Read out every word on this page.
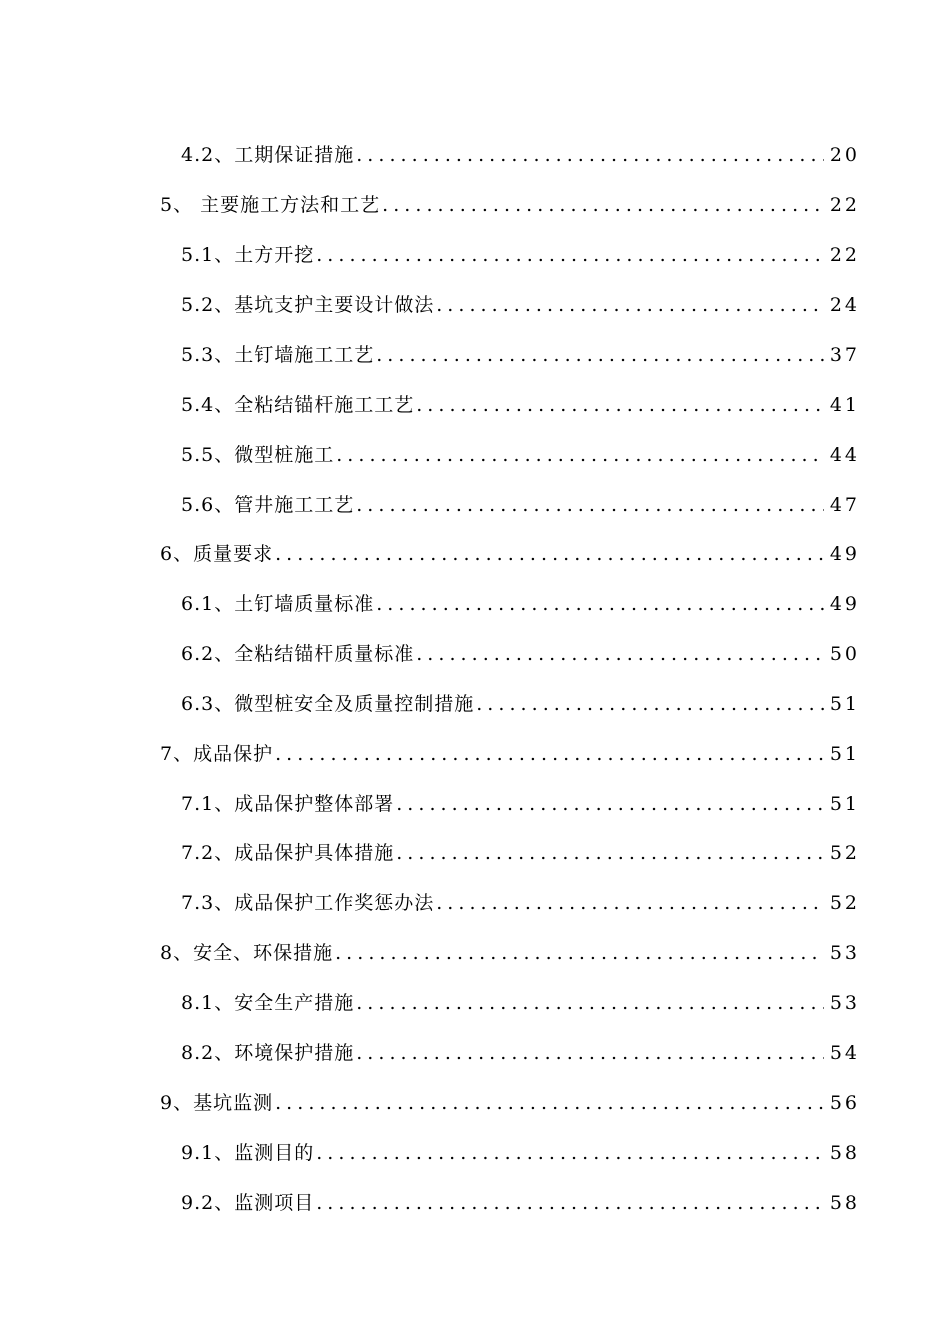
4.2、工期保证措施 . . .	20
5、 主要施工方法和工艺 . . .	22
5.1、土方开挖 . . .	22
5.2、基坑支护主要设计做法 . . .	24
5.3、土钉墙施工工艺 . . .	37
5.4、全粘结锚杆施工工艺 . . .	41
5.5、微型桩施工 . . .	44
5.6、管井施工工艺 . . .	47
6、质量要求 . . .	49
6.1、土钉墙质量标准 . . .	49
6.2、全粘结锚杆质量标准 . . .	50
6.3、微型桩安全及质量控制措施 . . .	51
7、成品保护 . . .	51
7.1、成品保护整体部署 . . .	51
7.2、成品保护具体措施 . . .	52
7.3、成品保护工作奖惩办法 . . .	52
8、安全、环保措施 . . .	53
8.1、安全生产措施 . . .	53
8.2、环境保护措施 . . .	54
9、基坑监测 . . .	56
9.1、监测目的 . . .	58
9.2、监测项目 . . .	58
